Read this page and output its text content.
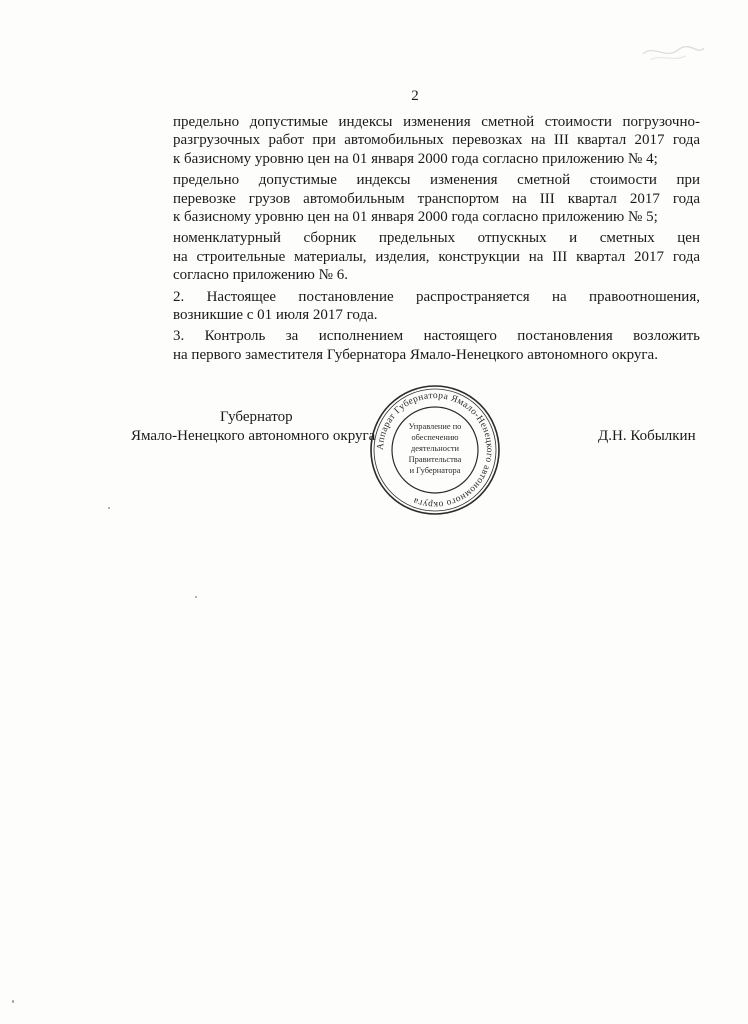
2

предельно допустимые индексы изменения сметной стоимости погрузочно-
разгрузочных работ при автомобильных перевозках на III квартал 2017 года
к базисному уровню цен на 01 января 2000 года согласно приложению № 4;

предельно допустимые индексы изменения сметной стоимости при
перевозке грузов автомобильным транспортом на III квартал 2017 года
к базисному уровню цен на 01 января 2000 года согласно приложению № 5;

номенклатурный сборник предельных отпускных и сметных цен
на строительные материалы, изделия, конструкции на III квартал 2017 года
согласно приложению № 6.

2. Настоящее постановление распространяется на правоотношения,
возникшие с 01 июля 2017 года.

3. Контроль за исполнением настоящего постановления возложить
на первого заместителя Губернатора Ямало-Ненецкого автономного округа.

Губернатор
Ямало-Ненецкого автономного округа	Д.Н. Кобылкин
Аппарат Губернатора Ямало-Ненецкого автономного округа
Управление по
обеспечению
деятельности
Правительства
и Губернатора
